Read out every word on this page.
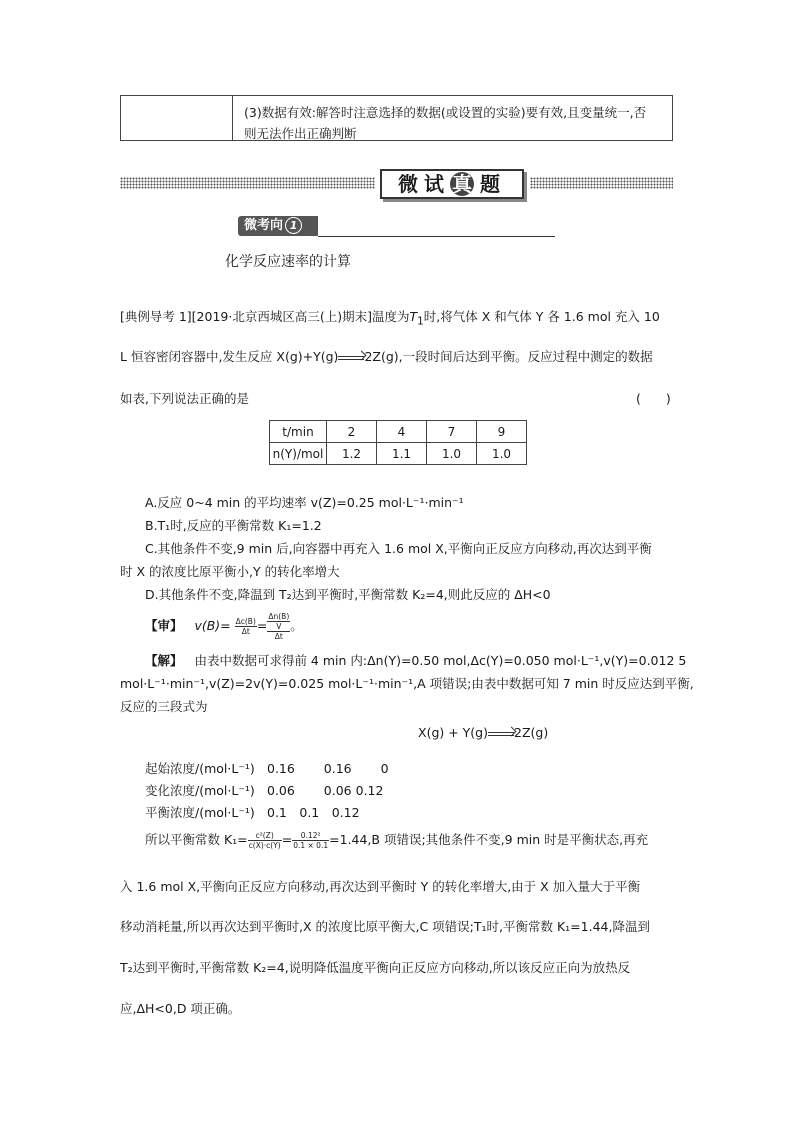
(3)数据有效:解答时注意选择的数据(或设置的实验)要有效,且变量统一,否
则无法作出正确判断
微试 真 题
微考向 1
化学反应速率的计算
[典例导考 1][2019·北京西城区高三(上)期末]温度为$T_1$时,将气体 X 和气体 Y 各 1.6 mol 充入 10
L 恒容密闭容器中,发生反应 X(g)+Y(g)→2Z(g),一段时间后达到平衡。反应过程中测定的数据
如表,下列说法正确的是	(　　)
t/min	2	4	7	9
n(Y)/mol	1.2	1.1	1.0	1.0
A.反应 0~4 min 的平均速率 v(Z)=0.25 mol·L⁻¹·min⁻¹
B.T₁时,反应的平衡常数 K₁=1.2
C.其他条件不变,9 min 后,向容器中再充入 1.6 mol X,平衡向正反应方向移动,再次达到平衡
时 X 的浓度比原平衡小,Y 的转化率增大
D.其他条件不变,降温到 T₂达到平衡时,平衡常数 K₂=4,则此反应的 ΔH<0
【审】 $v(B)= \frac{\Delta c(B)}{\Delta t} = \Delta n(B)$
V
Δt 。
【解】 由表中数据可求得前 4 min 内:Δn(Y)=0.50 mol,Δc(Y)=0.050 mol·L⁻¹,v(Y)=0.012 5
mol·L⁻¹·min⁻¹,v(Z)=2v(Y)=0.025 mol·L⁻¹·min⁻¹,A 项错误;由表中数据可知 7 min 时反应达到平衡,
反应的三段式为
X(g) + Y(g)→2Z(g)
起始浓度/(mol·L⁻¹) 0.16　　 0.16　　 0
变化浓度/(mol·L⁻¹) 0.06　　 0.06 0.12
平衡浓度/(mol·L⁻¹) 0.1　0.1　0.12
所以平衡常数 $K_1= \frac{\text{c²(Z)}}{c(X)\cdot c(Y)} = \frac{\text{0.12²}}{0.1 \times 0.1} =1.44,B$ 项错误;其他条件不变,9 min 时是平衡状态,再充
入 1.6 mol X,平衡向正反应方向移动,再次达到平衡时 Y 的转化率增大,由于 X 加入量大于平衡
移动消耗量,所以再次达到平衡时,X 的浓度比原平衡大,C 项错误;T₁时,平衡常数 K₁=1.44,降温到
T₂达到平衡时,平衡常数 K₂=4,说明降低温度平衡向正反应方向移动,所以该反应正向为放热反
应,ΔH<0,D 项正确。
